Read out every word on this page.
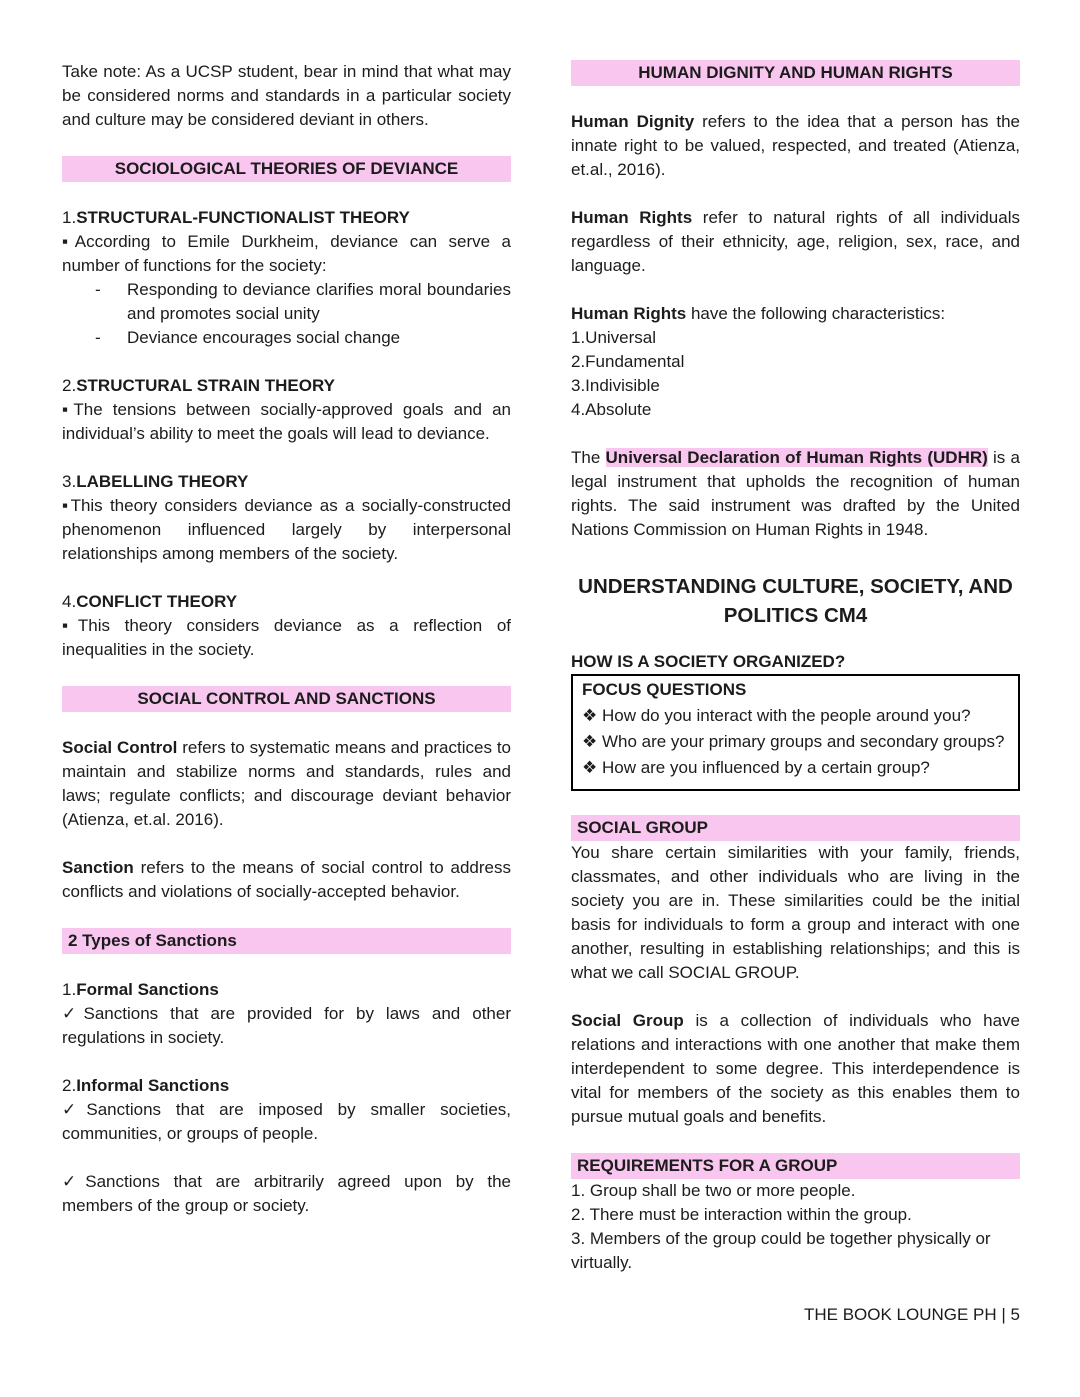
Take note: As a UCSP student, bear in mind that what may be considered norms and standards in a particular society and culture may be considered deviant in others.

SOCIOLOGICAL THEORIES OF DEVIANCE

1.STRUCTURAL-FUNCTIONALIST THEORY

▪According to Emile Durkheim, deviance can serve a number of functions for the society:

-	Responding to deviance clarifies moral boundaries and promotes social unity
-	Deviance encourages social change

2.STRUCTURAL STRAIN THEORY

▪The tensions between socially-approved goals and an individual’s ability to meet the goals will lead to deviance.

3.LABELLING THEORY

▪This theory considers deviance as a socially-constructed phenomenon influenced largely by interpersonal relationships among members of the society.

4.CONFLICT THEORY

▪This theory considers deviance as a reflection of inequalities in the society.

SOCIAL CONTROL AND SANCTIONS

Social Control refers to systematic means and practices to maintain and stabilize norms and standards, rules and laws; regulate conflicts; and discourage deviant behavior (Atienza, et.al. 2016).

Sanction refers to the means of social control to address conflicts and violations of socially-accepted behavior.

2 Types of Sanctions

1.Formal Sanctions

✓Sanctions that are provided for by laws and other regulations in society.

2.Informal Sanctions

✓Sanctions that are imposed by smaller societies, communities, or groups of people.

✓Sanctions that are arbitrarily agreed upon by the members of the group or society.

HUMAN DIGNITY AND HUMAN RIGHTS

Human Dignity refers to the idea that a person has the innate right to be valued, respected, and treated (Atienza, et.al., 2016).

Human Rights refer to natural rights of all individuals regardless of their ethnicity, age, religion, sex, race, and language.

Human Rights have the following characteristics:

1.Universal

2.Fundamental

3.Indivisible

4.Absolute

The Universal Declaration of Human Rights (UDHR) is a legal instrument that upholds the recognition of human rights. The said instrument was drafted by the United Nations Commission on Human Rights in 1948.

UNDERSTANDING CULTURE, SOCIETY, AND POLITICS CM4

HOW IS A SOCIETY ORGANIZED?

FOCUS QUESTIONS

❖ How do you interact with the people around you?

❖ Who are your primary groups and secondary groups?

❖ How are you influenced by a certain group?

SOCIAL GROUP

You share certain similarities with your family, friends, classmates, and other individuals who are living in the society you are in. These similarities could be the initial basis for individuals to form a group and interact with one another, resulting in establishing relationships; and this is what we call SOCIAL GROUP.

Social Group is a collection of individuals who have relations and interactions with one another that make them interdependent to some degree. This interdependence is vital for members of the society as this enables them to pursue mutual goals and benefits.

REQUIREMENTS FOR A GROUP

1. Group shall be two or more people.

2. There must be interaction within the group.

3. Members of the group could be together physically or virtually.

THE BOOK LOUNGE PH | 5
